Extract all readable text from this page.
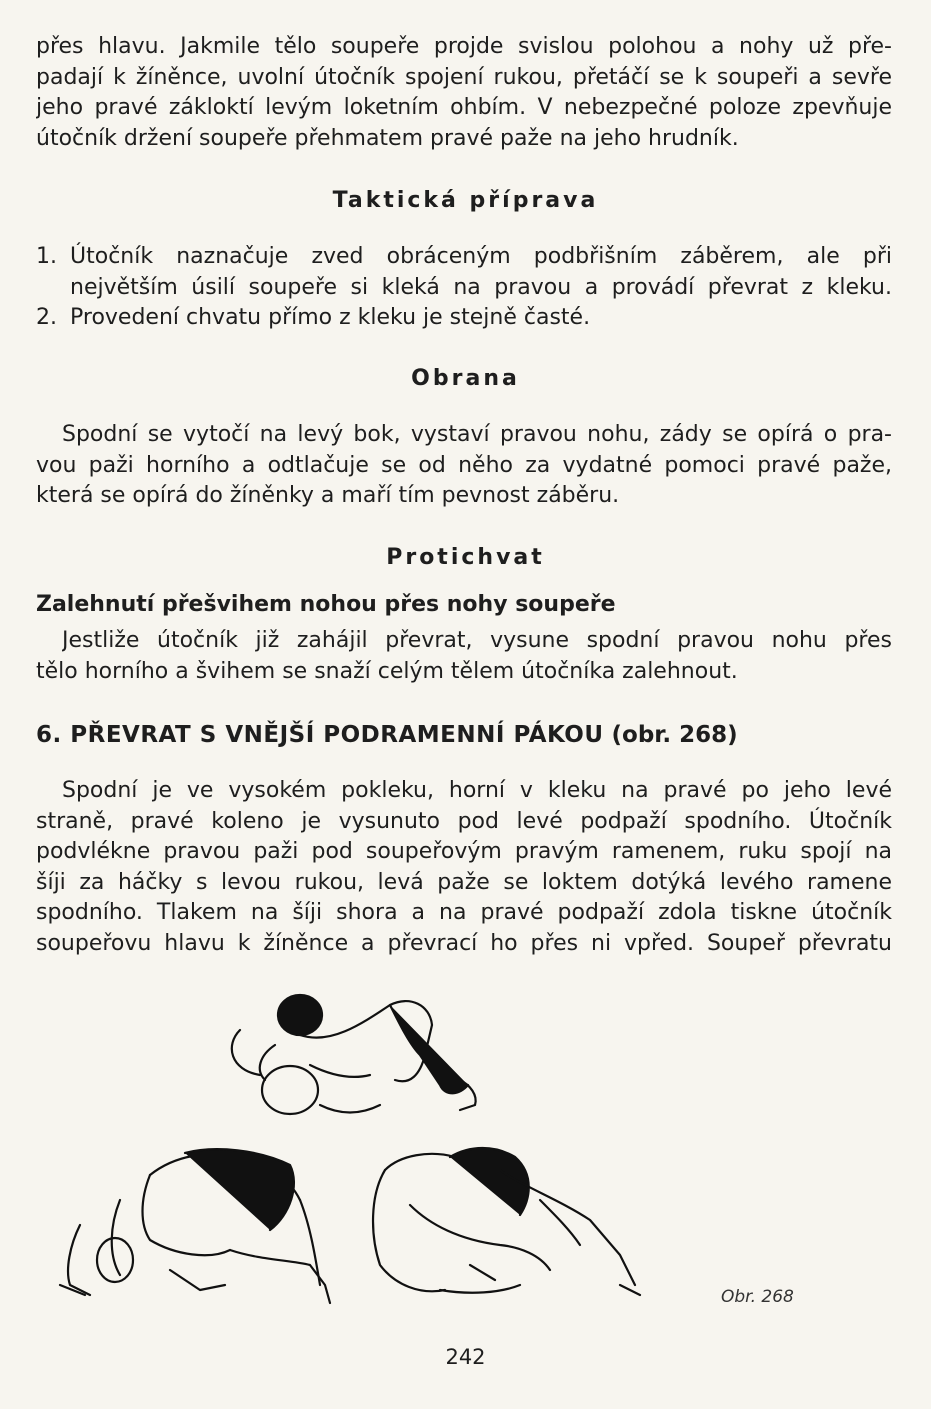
přes hlavu. Jakmile tělo soupeře projde svislou polohou a nohy už pře-
padají k žíněnce, uvolní útočník spojení rukou, přetáčí se k soupeři a sevře
jeho pravé zákloktí levým loketním ohbím. V nebezpečné poloze zpevňuje
útočník držení soupeře přehmatem pravé paže na jeho hrudník.

Taktická příprava
1. Útočník naznačuje zved obráceným podbřišním záběrem, ale při
největším úsilí soupeře si kleká na pravou a provádí převrat z kleku.
2. Provedení chvatu přímo z kleku je stejně časté.
Obrana

Spodní se vytočí na levý bok, vystaví pravou nohu, zády se opírá o pra-
vou paži horního a odtlačuje se od něho za vydatné pomoci pravé paže,
která se opírá do žíněnky a maří tím pevnost záběru.

Protichvat
Zalehnutí přešvihem nohou přes nohy soupeře

Jestliže útočník již zahájil převrat, vysune spodní pravou nohu přes
tělo horního a švihem se snaží celým tělem útočníka zalehnout.

6. PŘEVRAT S VNĚJŠÍ PODRAMENNÍ PÁKOU (obr. 268)

Spodní je ve vysokém pokleku, horní v kleku na pravé po jeho levé
straně, pravé koleno je vysunuto pod levé podpaží spodního. Útočník
podvlékne pravou paži pod soupeřovým pravým ramenem, ruku spojí na
šíji za háčky s levou rukou, levá paže se loktem dotýká levého ramene
spodního. Tlakem na šíji shora a na pravé podpaží zdola tiskne útočník
soupeřovu hlavu k žíněnce a převrací ho přes ni vpřed. Soupeř převratu

Obr. 268
242
